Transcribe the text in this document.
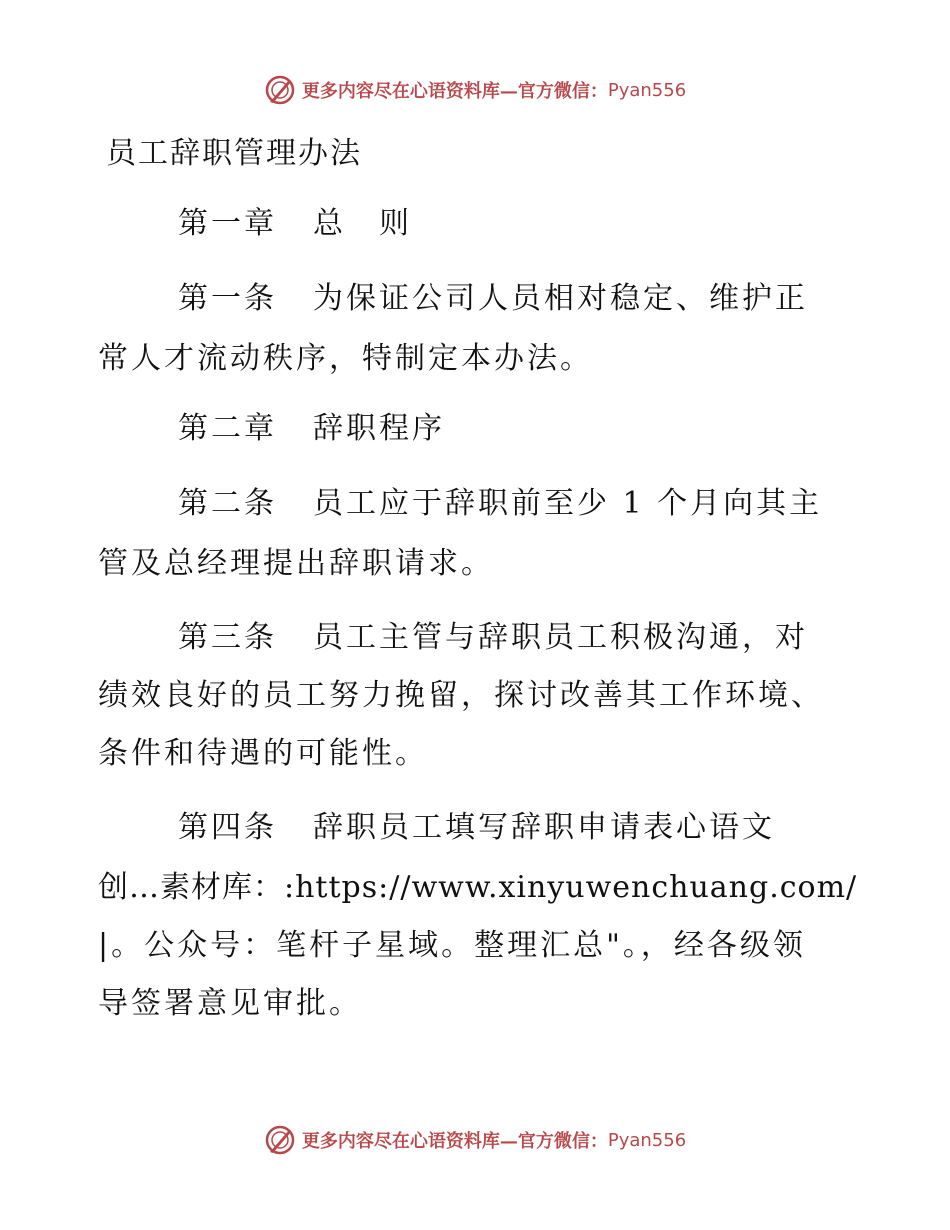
更多内容尽在心语资料库—官方微信： Pyan556
员工辞职管理办法
第一章 总　则
第一条 为保证公司人员相对稳定、维护正
常人才流动秩序，特制定本办法。
第二章 辞职程序
第二条 员工应于辞职前至少 1 个月向其主
管及总经理提出辞职请求。
第三条 员工主管与辞职员工积极沟通，对
绩效良好的员工努力挽留，探讨改善其工作环境、
条件和待遇的可能性。
第四条 辞职员工填写辞职申请表心语文
创…素材库：:https://www.xinyuwenchuang.com/
|。公众号：笔杆子星域。整理汇总"。，经各级领
导签署意见审批。
更多内容尽在心语资料库—官方微信： Pyan556
